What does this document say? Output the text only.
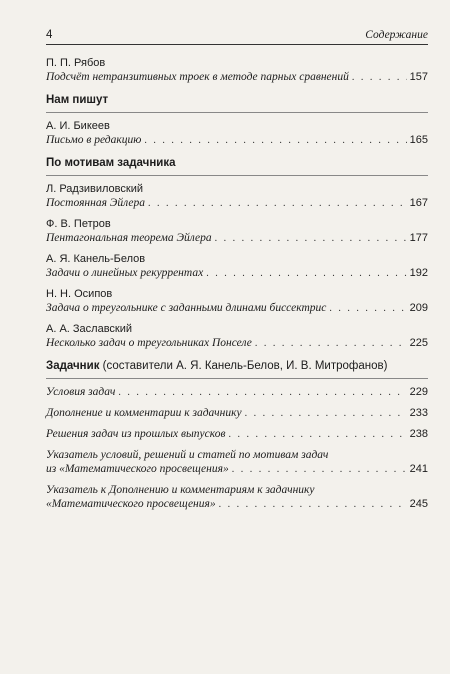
4	Содержание
П. П. Рябов
Подсчёт нетранзитивных троек в методе парных сравнений . . .	157
Нам пишут
А. И. Бикеев
Письмо в редакцию . . .	165
По мотивам задачника
Л. Радзивиловский
Постоянная Эйлера . . .	167
Ф. В. Петров
Пентагональная теорема Эйлера . . .	177
А. Я. Канель-Белов
Задачи о линейных рекуррентах . . .	192
Н. Н. Осипов
Задача о треугольнике с заданными длинами биссектрис . . .	209
А. А. Заславский
Несколько задач о треугольниках Понселе . . .	225
Задачник (составители А. Я. Канель-Белов, И. В. Митрофанов)
Условия задач . . .	229
Дополнение и комментарии к задачнику . . .	233
Решения задач из прошлых выпусков . . .	238
Указатель условий, решений и статей по мотивам задач
из «Математического просвещения» . . .	241
Указатель к Дополнению и комментариям к задачнику
«Математического просвещения» . . .	245
